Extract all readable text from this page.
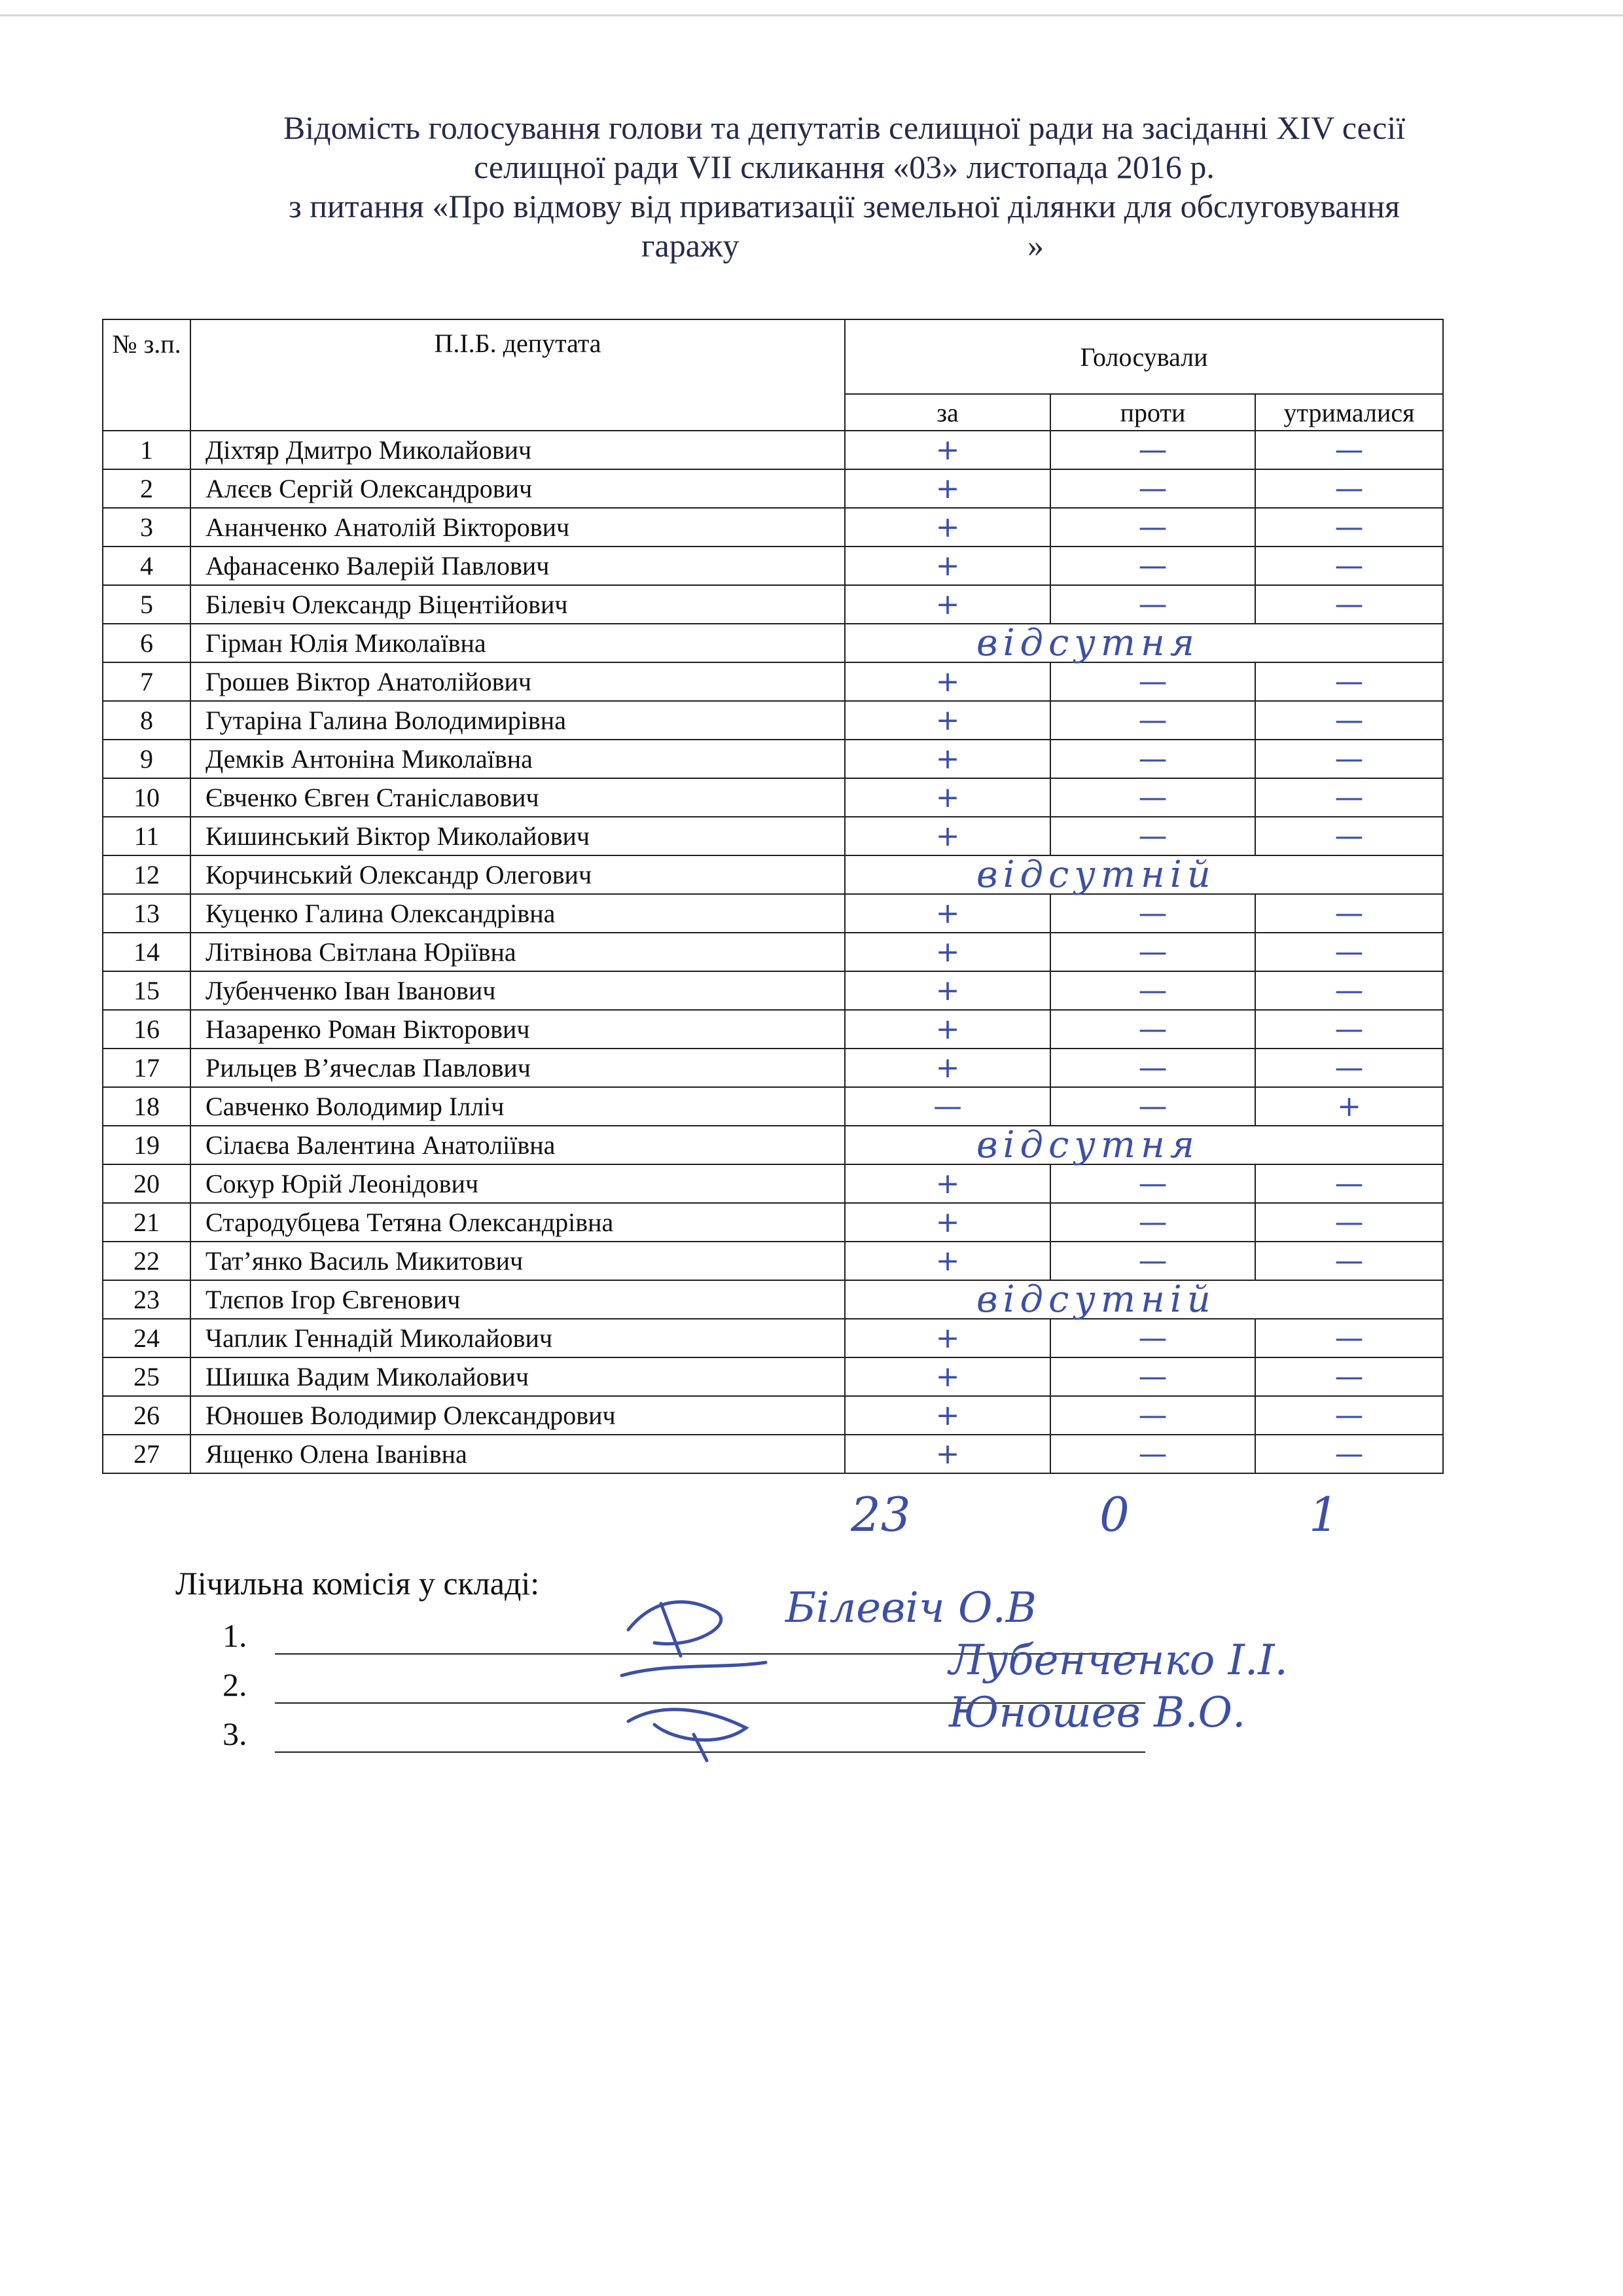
Відомість голосування голови та депутатів селищної ради на засіданні XIV сесії

селищної ради VII скликання «03» листопада 2016 р.

з питання «Про відмову від приватизації земельної ділянки для обслуговування

гаражу	»
№ з.п.	П.І.Б. депутата	Голосували		
		за	проти	утрималися
1	Діхтяр Дмитро Миколайович	+	—	—
2	Алєєв Сергій Олександрович	+	—	—
3	Ананченко Анатолій Вікторович	+	—	—
4	Афанасенко Валерій Павлович	+	—	—
5	Білевіч Олександр Віцентійович	+	—	—
6	Гірман Юлія Миколаївна	відсутня		

7	Грошев Віктор Анатолійович	+	—	—
8	Гутаріна Галина Володимирівна	+	—	—
9	Демків Антоніна Миколаївна	+	—	—
10	Євченко Євген Станіславович	+	—	—
11	Кишинський Віктор Миколайович	+	—	—
12	Корчинський Олександр Олегович	відсутній		

13	Куценко Галина Олександрівна	+	—	—
14	Літвінова Світлана Юріївна	+	—	—
15	Лубенченко Іван Іванович	+	—	—
16	Назаренко Роман Вікторович	+	—	—
17	Рильцев В’ячеслав Павлович	+	—	—
18	Савченко Володимир Ілліч	—	—	+
19	Сілаєва Валентина Анатоліївна	відсутня		

20	Сокур Юрій Леонідович	+	—	—
21	Стародубцева Тетяна Олександрівна	+	—	—
22	Тат’янко Василь Микитович	+	—	—
23	Тлєпов Ігор Євгенович	відсутній		

24	Чаплик Геннадій Миколайович	+	—	—
25	Шишка Вадим Миколайович	+	—	—
26	Юношев Володимир Олександрович	+	—	—
27	Ященко Олена Іванівна	+	—	—
23	0	1
Лічильна комісія у складі:
1.
2.
3.
Білевіч О.В
Лубенченко І.І.
Юношев В.О.
